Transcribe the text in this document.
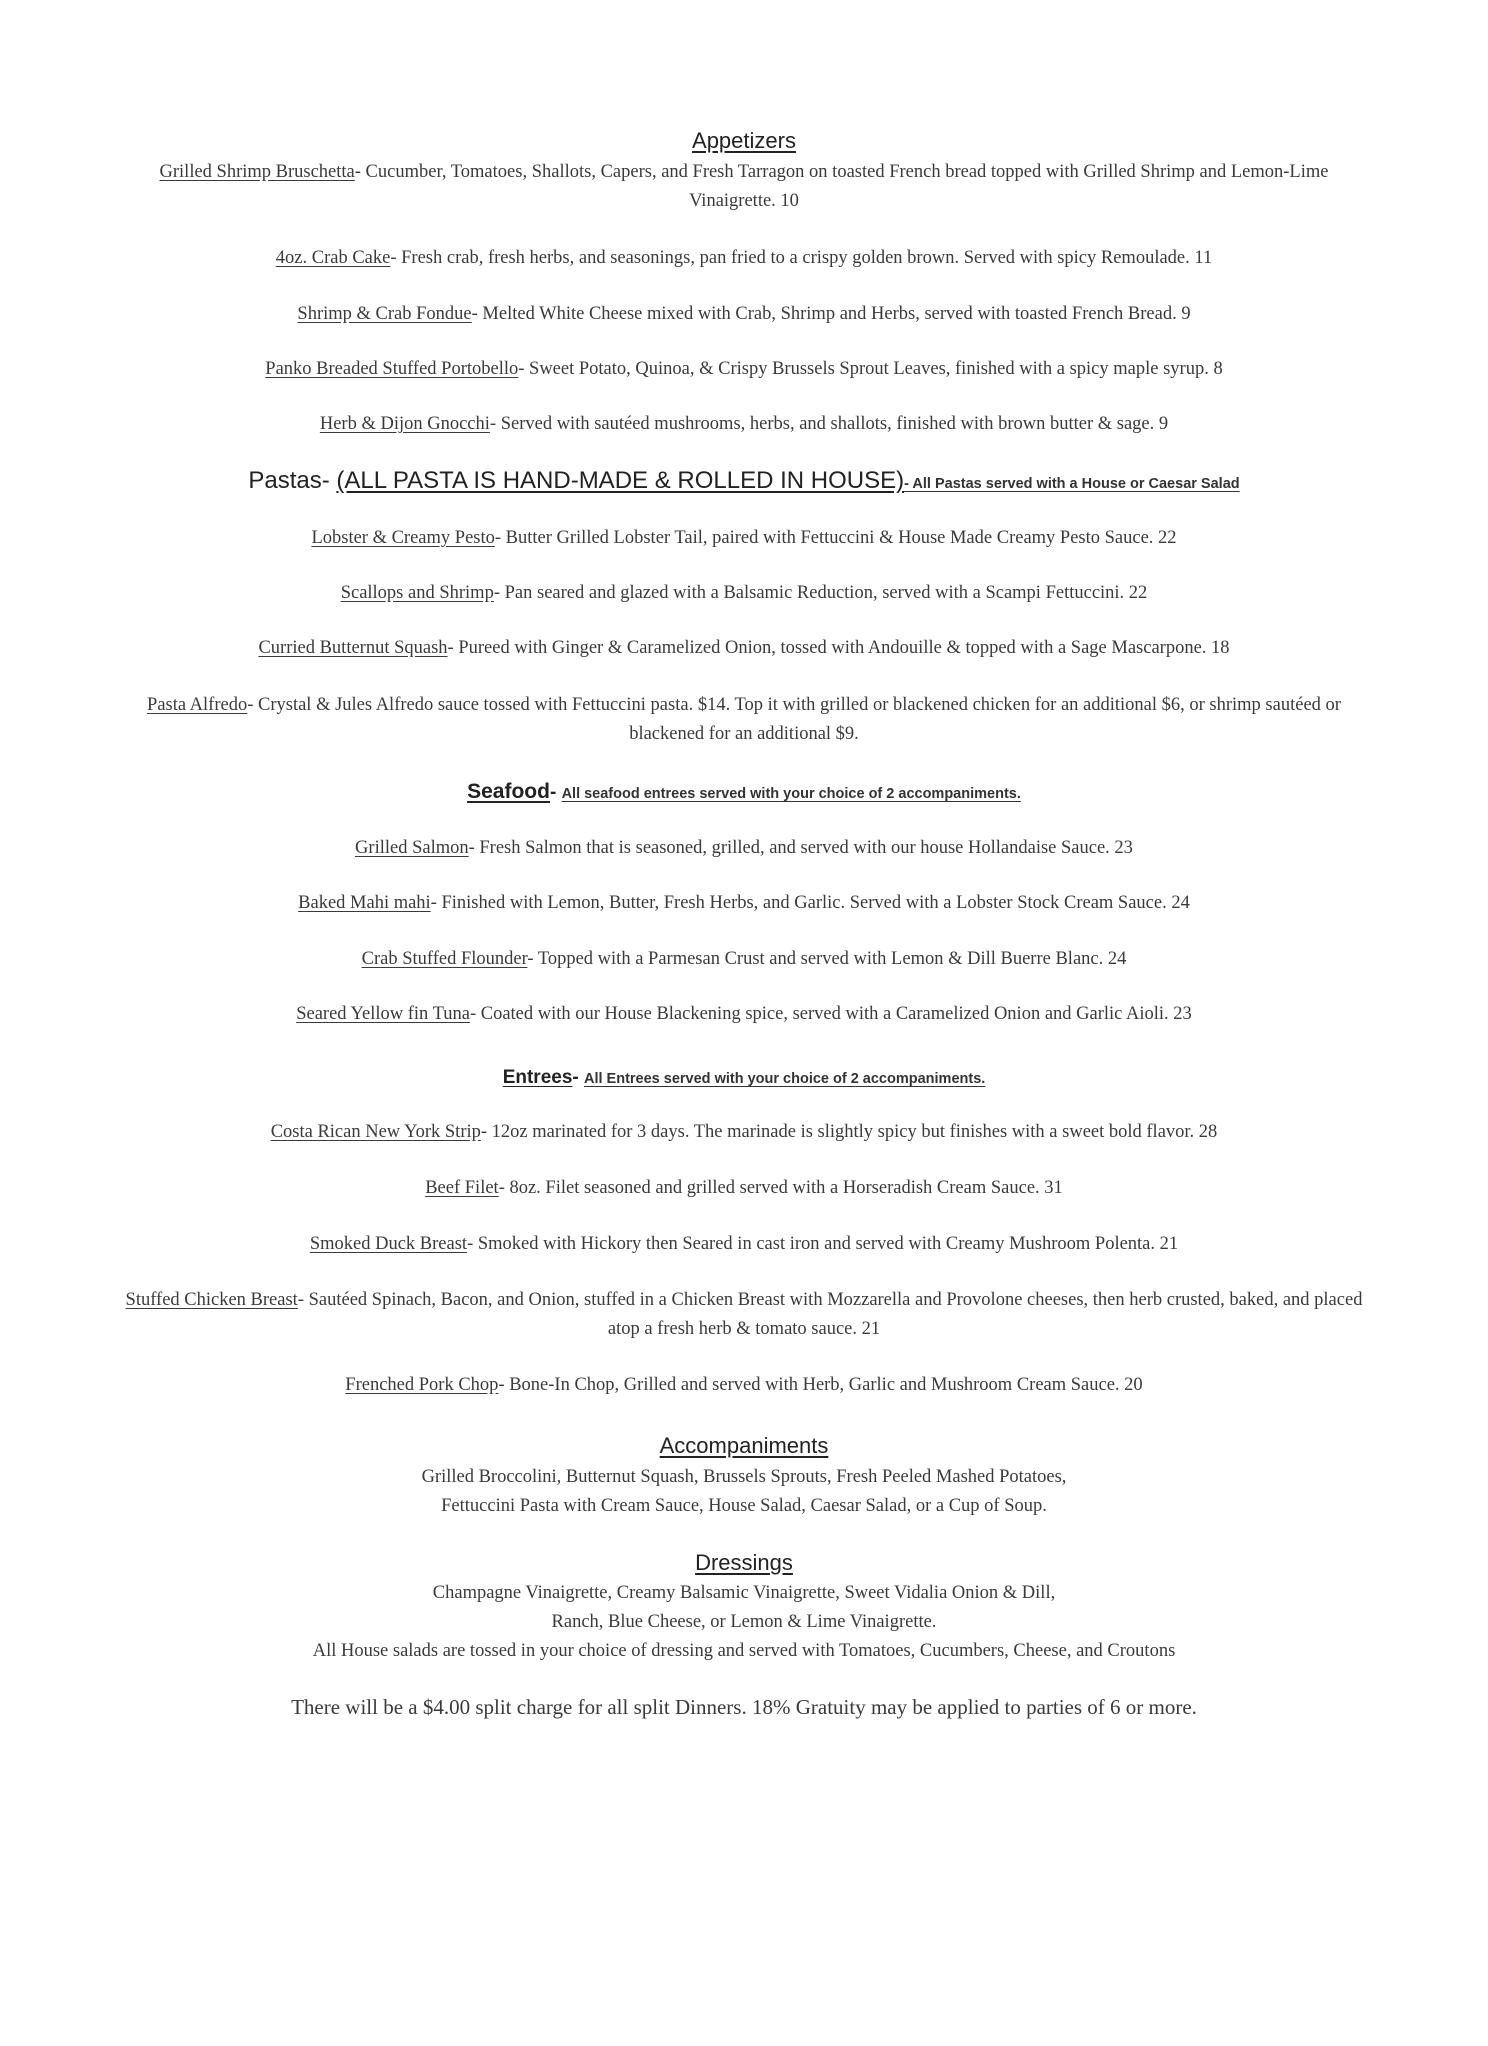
Appetizers
Grilled Shrimp Bruschetta- Cucumber, Tomatoes, Shallots, Capers, and Fresh Tarragon on toasted French bread topped with Grilled Shrimp and Lemon-Lime Vinaigrette. 10
4oz. Crab Cake- Fresh crab, fresh herbs, and seasonings, pan fried to a crispy golden brown. Served with spicy Remoulade. 11
Shrimp & Crab Fondue- Melted White Cheese mixed with Crab, Shrimp and Herbs, served with toasted French Bread. 9
Panko Breaded Stuffed Portobello- Sweet Potato, Quinoa, & Crispy Brussels Sprout Leaves, finished with a spicy maple syrup. 8
Herb & Dijon Gnocchi- Served with sautéed mushrooms, herbs, and shallots, finished with brown butter & sage. 9
Pastas- (ALL PASTA IS HAND-MADE & ROLLED IN HOUSE)- All Pastas served with a House or Caesar Salad
Lobster & Creamy Pesto- Butter Grilled Lobster Tail, paired with Fettuccini & House Made Creamy Pesto Sauce. 22
Scallops and Shrimp- Pan seared and glazed with a Balsamic Reduction, served with a Scampi Fettuccini. 22
Curried Butternut Squash- Pureed with Ginger & Caramelized Onion, tossed with Andouille & topped with a Sage Mascarpone. 18
Pasta Alfredo- Crystal & Jules Alfredo sauce tossed with Fettuccini pasta. $14. Top it with grilled or blackened chicken for an additional $6, or shrimp sautéed or blackened for an additional $9.
Seafood- All seafood entrees served with your choice of 2 accompaniments.
Grilled Salmon- Fresh Salmon that is seasoned, grilled, and served with our house Hollandaise Sauce. 23
Baked Mahi mahi- Finished with Lemon, Butter, Fresh Herbs, and Garlic. Served with a Lobster Stock Cream Sauce. 24
Crab Stuffed Flounder- Topped with a Parmesan Crust and served with Lemon & Dill Buerre Blanc. 24
Seared Yellow fin Tuna- Coated with our House Blackening spice, served with a Caramelized Onion and Garlic Aioli. 23
Entrees- All Entrees served with your choice of 2 accompaniments.
Costa Rican New York Strip- 12oz marinated for 3 days. The marinade is slightly spicy but finishes with a sweet bold flavor. 28
Beef Filet- 8oz. Filet seasoned and grilled served with a Horseradish Cream Sauce. 31
Smoked Duck Breast- Smoked with Hickory then Seared in cast iron and served with Creamy Mushroom Polenta. 21
Stuffed Chicken Breast- Sautéed Spinach, Bacon, and Onion, stuffed in a Chicken Breast with Mozzarella and Provolone cheeses, then herb crusted, baked, and placed atop a fresh herb & tomato sauce. 21
Frenched Pork Chop- Bone-In Chop, Grilled and served with Herb, Garlic and Mushroom Cream Sauce. 20
Accompaniments
Grilled Broccolini, Butternut Squash, Brussels Sprouts, Fresh Peeled Mashed Potatoes,
Fettuccini Pasta with Cream Sauce, House Salad, Caesar Salad, or a Cup of Soup.
Dressings
Champagne Vinaigrette, Creamy Balsamic Vinaigrette, Sweet Vidalia Onion & Dill,
Ranch, Blue Cheese, or Lemon & Lime Vinaigrette.
All House salads are tossed in your choice of dressing and served with Tomatoes, Cucumbers, Cheese, and Croutons
There will be a $4.00 split charge for all split Dinners. 18% Gratuity may be applied to parties of 6 or more.
